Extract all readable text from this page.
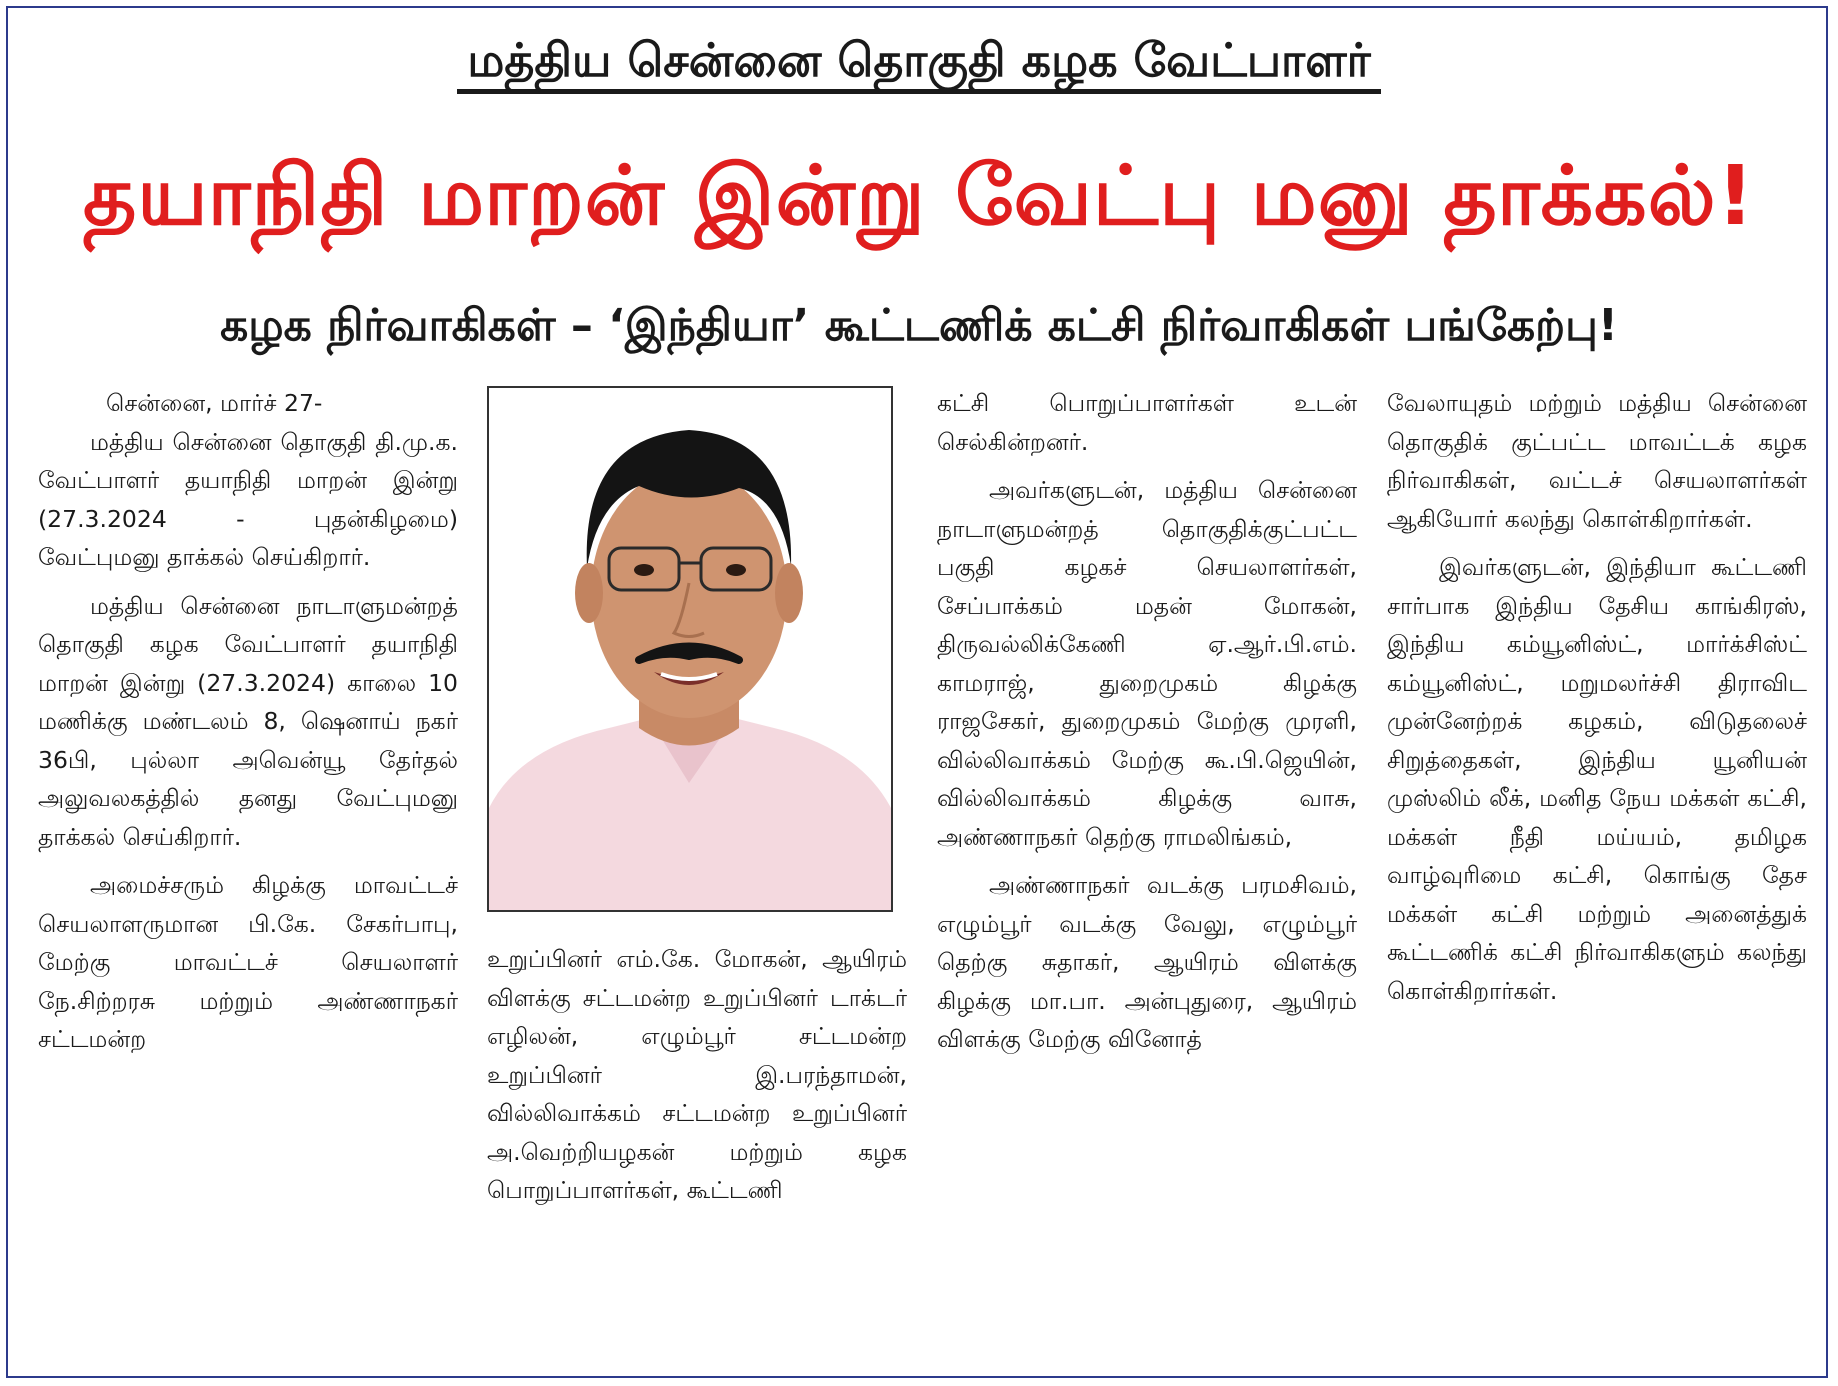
மத்திய சென்னை தொகுதி கழக வேட்பாளர்
தயாநிதி மாறன் இன்று வேட்பு மனு தாக்கல்!
கழக நிர்வாகிகள் – ‘இந்தியா’ கூட்டணிக் கட்சி நிர்வாகிகள் பங்கேற்பு!

சென்னை, மார்ச் 27-

மத்திய சென்னை தொகுதி தி.மு.க. வேட்பாளர் தயாநிதி மாறன் இன்று (27.3.2024 - புதன்கிழமை) வேட்புமனு தாக்கல் செய்கிறார்.

மத்திய சென்னை நாடாளுமன்றத் தொகுதி கழக வேட்பாளர் தயாநிதி மாறன் இன்று (27.3.2024) காலை 10 மணிக்கு மண்டலம் 8, ஷெனாய் நகர் 36பி, புல்லா அவென்யூ தேர்தல் அலுவலகத்தில் தனது வேட்புமனு தாக்கல் செய்கிறார்.

அமைச்சரும் கிழக்கு மாவட்டச் செயலாளருமான பி.கே. சேகர்பாபு, மேற்கு மாவட்டச் செயலாளர் நே.சிற்றரசு மற்றும் அண்ணாநகர் சட்டமன்ற

உறுப்பினர் எம்.கே. மோகன், ஆயிரம் விளக்கு சட்டமன்ற உறுப்பினர் டாக்டர் எழிலன், எழும்பூர் சட்டமன்ற உறுப்பினர் இ.பரந்தாமன், வில்லிவாக்கம் சட்டமன்ற உறுப்பினர் அ.வெற்றியழகன் மற்றும் கழக பொறுப்பாளர்கள், கூட்டணி

கட்சி பொறுப்பாளர்கள் உடன் செல்கின்றனர்.

அவர்களுடன், மத்திய சென்னை நாடாளுமன்றத் தொகுதிக்குட்பட்ட பகுதி கழகச் செயலாளர்கள், சேப்பாக்கம் மதன் மோகன், திருவல்லிக்கேணி ஏ.ஆர்.பி.எம். காமராஜ், துறைமுகம் கிழக்கு ராஜசேகர், துறைமுகம் மேற்கு முரளி, வில்லிவாக்கம் மேற்கு கூ.பி.ஜெயின், வில்லிவாக்கம் கிழக்கு வாசு, அண்ணாநகர் தெற்கு ராமலிங்கம்,

அண்ணாநகர் வடக்கு பரமசிவம், எழும்பூர் வடக்கு வேலு, எழும்பூர் தெற்கு சுதாகர், ஆயிரம் விளக்கு கிழக்கு மா.பா. அன்புதுரை, ஆயிரம் விளக்கு மேற்கு வினோத்

வேலாயுதம் மற்றும் மத்திய சென்னை தொகுதிக் குட்பட்ட மாவட்டக் கழக நிர்வாகிகள், வட்டச் செயலாளர்கள் ஆகியோர் கலந்து கொள்கிறார்கள்.

இவர்களுடன், இந்தியா கூட்டணி சார்பாக இந்திய தேசிய காங்கிரஸ், இந்திய கம்யூனிஸ்ட், மார்க்சிஸ்ட் கம்யூனிஸ்ட், மறுமலர்ச்சி திராவிட முன்னேற்றக் கழகம், விடுதலைச் சிறுத்தைகள், இந்திய யூனியன் முஸ்லிம் லீக், மனித நேய மக்கள் கட்சி, மக்கள் நீதி மய்யம், தமிழக வாழ்வுரிமை கட்சி, கொங்கு தேச மக்கள் கட்சி மற்றும் அனைத்துக் கூட்டணிக் கட்சி நிர்வாகிகளும் கலந்து கொள்கிறார்கள்.
